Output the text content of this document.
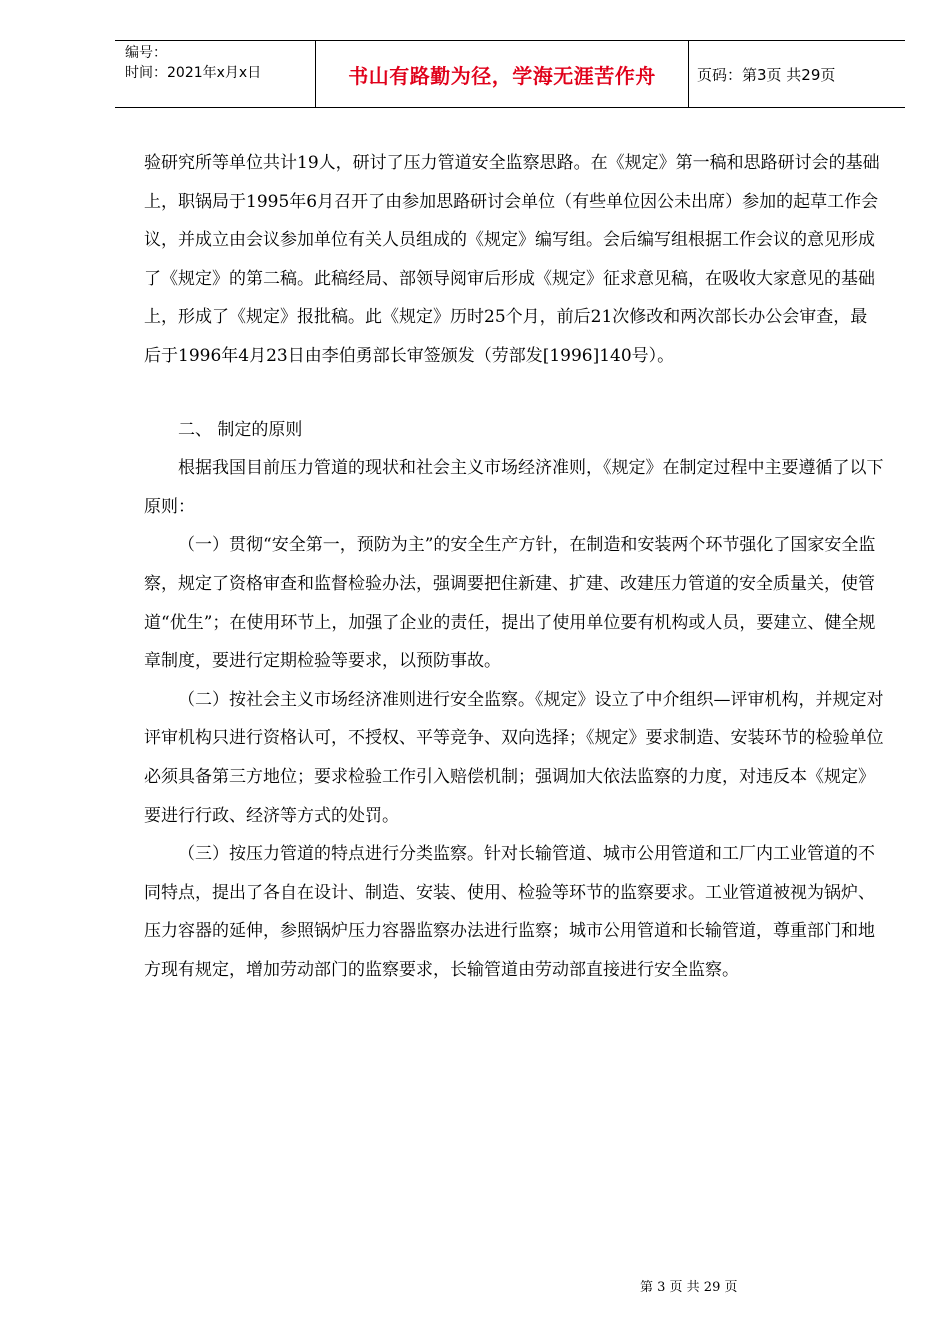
编号：
时间：2021年x月x日	书山有路勤为径，学海无涯苦作舟	页码：第3页 共29页

验研究所等单位共计19人，研讨了压力管道安全监察思路。在《规定》第一稿和思路研讨会的基础上，职锅局于1995年6月召开了由参加思路研讨会单位（有些单位因公未出席）参加的起草工作会议，并成立由会议参加单位有关人员组成的《规定》编写组。会后编写组根据工作会议的意见形成了《规定》的第二稿。此稿经局、部领导阅审后形成《规定》征求意见稿，在吸收大家意见的基础上，形成了《规定》报批稿。此《规定》历时25个月，前后21次修改和两次部长办公会审查，最后于1996年4月23日由李伯勇部长审签颁发（劳部发[1996]140号）。

二、 制定的原则

根据我国目前压力管道的现状和社会主义市场经济准则，《规定》在制定过程中主要遵循了以下原则：

（一）贯彻“安全第一，预防为主”的安全生产方针，在制造和安装两个环节强化了国家安全监察，规定了资格审查和监督检验办法，强调要把住新建、扩建、改建压力管道的安全质量关，使管道“优生”；在使用环节上，加强了企业的责任，提出了使用单位要有机构或人员，要建立、健全规章制度，要进行定期检验等要求，以预防事故。

（二）按社会主义市场经济准则进行安全监察。《规定》设立了中介组织—评审机构，并规定对评审机构只进行资格认可，不授权、平等竞争、双向选择；《规定》要求制造、安装环节的检验单位必须具备第三方地位；要求检验工作引入赔偿机制；强调加大依法监察的力度，对违反本《规定》要进行行政、经济等方式的处罚。

（三）按压力管道的特点进行分类监察。针对长输管道、城市公用管道和工厂内工业管道的不同特点，提出了各自在设计、制造、安装、使用、检验等环节的监察要求。工业管道被视为锅炉、压力容器的延伸，参照锅炉压力容器监察办法进行监察；城市公用管道和长输管道，尊重部门和地方现有规定，增加劳动部门的监察要求，长输管道由劳动部直接进行安全监察。

第 3 页 共 29 页
